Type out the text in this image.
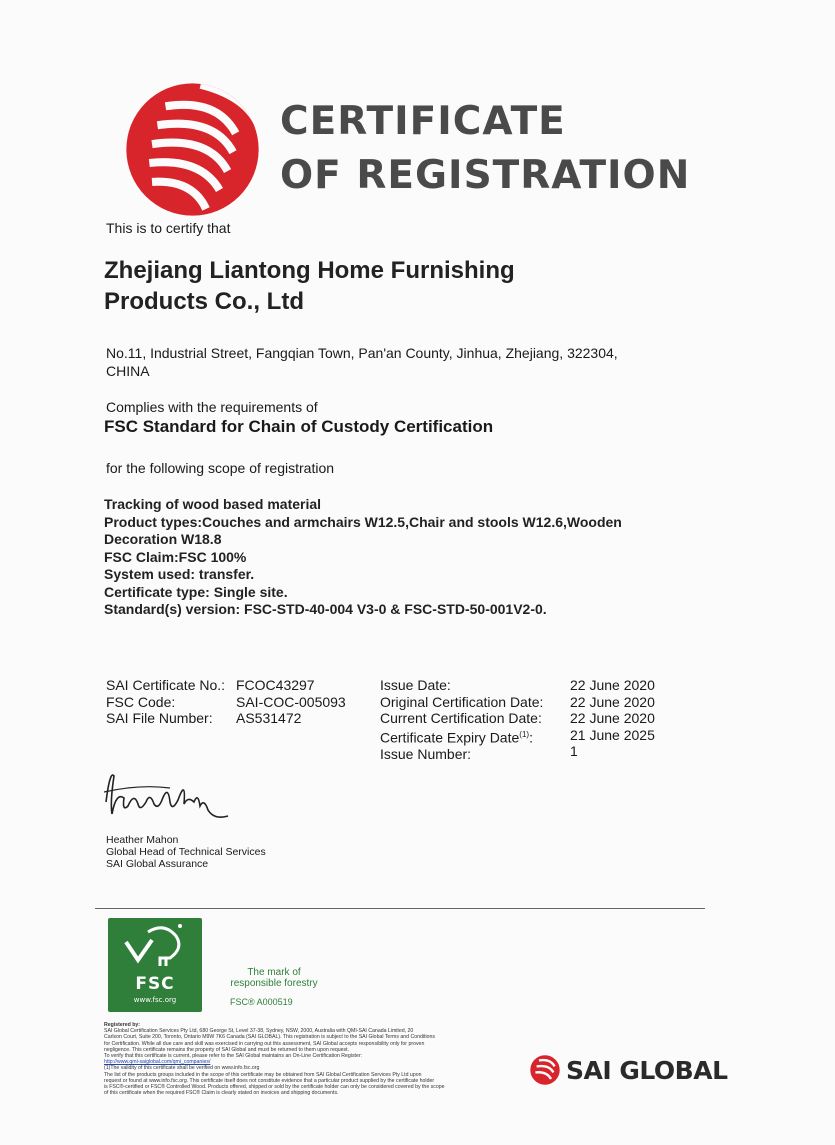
CERTIFICATE
OF REGISTRATION
This is to certify that
Zhejiang Liantong Home Furnishing
Products Co., Ltd
No.11, Industrial Street, Fangqian Town, Pan'an County, Jinhua, Zhejiang, 322304,
CHINA
Complies with the requirements of
FSC Standard for Chain of Custody Certification
for the following scope of registration
Tracking of wood based material
Product types:Couches and armchairs W12.5,Chair and stools W12.6,Wooden
Decoration W18.8
FSC Claim:FSC 100%
System used: transfer.
Certificate type: Single site.
Standard(s) version: FSC-STD-40-004 V3-0 & FSC-STD-50-001V2-0.
SAI Certificate No.:
FSC Code:
SAI File Number:
FCOC43297
SAI-COC-005093
AS531472
Issue Date:
Original Certification Date:
Current Certification Date:
Certificate Expiry Date$^{(1)}$:
Issue Number:
22 June 2020
22 June 2020
22 June 2020
21 June 2025
1
Heather Mahon
Global Head of Technical Services
SAI Global Assurance
FSC
www.fsc.org
The mark of
responsible forestry
FSC® A000519
Registered by:
SAI Global Certification Services Pty Ltd, 680 George St, Level 37-38, Sydney, NSW, 2000, Australia with QMI-SAI Canada Limited, 20
Carlson Court, Suite 200, Toronto, Ontario M9W 7K6 Canada (SAI GLOBAL). This registration is subject to the SAI Global Terms and Conditions
for Certification. While all due care and skill was exercised in carrying out this assessment, SAI Global accepts responsibility only for proven
negligence. This certificate remains the property of SAI Global and must be returned to them upon request.
To verify that this certificate is current, please refer to the SAI Global maintains an On-Line Certification Register:
http://www.qmi-saiglobal.com/qmi_companies/
(1)The validity of this certificate shall be verified on www.info.fsc.org
The list of the products groups included in the scope of this certificate may be obtained from SAI Global Certification Services Pty Ltd upon
request or found at www.info.fsc.org. This certificate itself does not constitute evidence that a particular product supplied by the certificate holder
is FSC®-certified or FSC® Controlled Wood. Products offered, shipped or sold by the certificate holder can only be considered covered by the scope
of this certificate when the required FSC® Claim is clearly stated on invoices and shipping documents.
SAI GLOBAL
